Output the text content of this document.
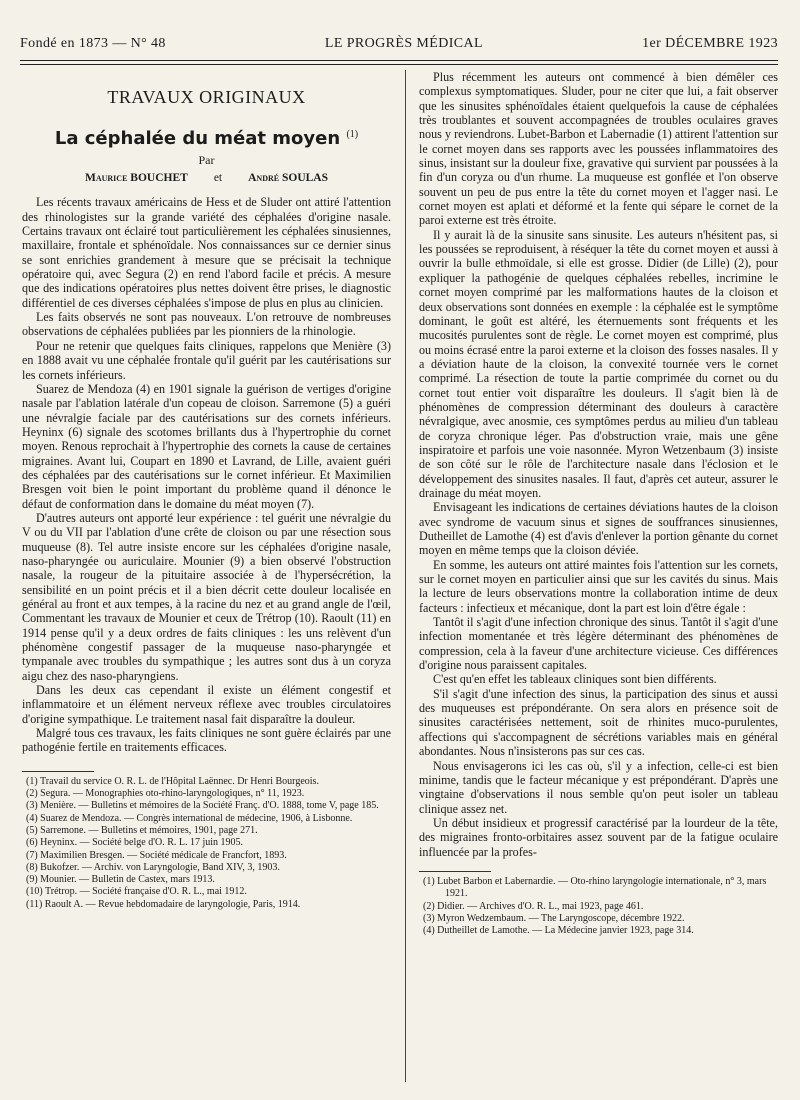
Fondé en 1873 — N° 48	LE PROGRÈS MÉDICAL	1er DÉCEMBRE 1923
TRAVAUX ORIGINAUX
La céphalée du méat moyen $^{(1)}$
Par
Maurice BOUCHET et André SOULAS

Les récents travaux américains de Hess et de Sluder ont attiré l'attention des rhinologistes sur la grande variété des céphalées d'origine nasale. Certains travaux ont éclairé tout particulièrement les céphalées sinusiennes, maxillaire, frontale et sphénoïdale. Nos connaissances sur ce dernier sinus se sont enrichies grandement à mesure que se précisait la technique opératoire qui, avec Segura (2) en rend l'abord facile et précis. A mesure que des indications opératoires plus nettes doivent être prises, le diagnostic différentiel de ces diverses céphalées s'impose de plus en plus au clinicien.

Les faits observés ne sont pas nouveaux. L'on retrouve de nombreuses observations de céphalées publiées par les pionniers de la rhinologie.

Pour ne retenir que quelques faits cliniques, rappelons que Menière (3) en 1888 avait vu une céphalée frontale qu'il guérit par les cautérisations sur les cornets inférieurs.

Suarez de Mendoza (4) en 1901 signale la guérison de vertiges d'origine nasale par l'ablation latérale d'un copeau de cloison. Sarremone (5) a guéri une névralgie faciale par des cautérisations sur des cornets inférieurs. Heyninx (6) signale des scotomes brillants dus à l'hypertrophie du cornet moyen. Renous reprochait à l'hypertrophie des cornets la cause de certaines migraines. Avant lui, Coupart en 1890 et Lavrand, de Lille, avaient guéri des céphalées par des cautérisations sur le cornet inférieur. Et Maximilien Bresgen voit bien le point important du problème quand il dénonce le défaut de conformation dans le domaine du méat moyen (7).

D'autres auteurs ont apporté leur expérience : tel guérit une névralgie du V ou du VII par l'ablation d'une crête de cloison ou par une résection sous muqueuse (8). Tel autre insiste encore sur les céphalées d'origine nasale, naso-pharyngée ou auriculaire. Mounier (9) a bien observé l'obstruction nasale, la rougeur de la pituitaire associée à de l'hypersécrétion, la sensibilité en un point précis et il a bien décrit cette douleur localisée en général au front et aux tempes, à la racine du nez et au grand angle de l'œil, Commentant les travaux de Mounier et ceux de Trétrop (10). Raoult (11) en 1914 pense qu'il y a deux ordres de faits cliniques : les uns relèvent d'un phénomène congestif passager de la muqueuse naso-pharyngée et tympanale avec troubles du sympathique ; les autres sont dus à un coryza aigu chez des naso-pharyngiens.

Dans les deux cas cependant il existe un élément congestif et inflammatoire et un élément nerveux réflexe avec troubles circulatoires d'origine sympathique. Le traitement nasal fait disparaître la douleur.

Malgré tous ces travaux, les faits cliniques ne sont guère éclairés par une pathogénie fertile en traitements efficaces.

(1) Travail du service O. R. L. de l'Hôpital Laënnec. Dr Henri Bourgeois.

(2) Segura. — Monographies oto-rhino-laryngologiques, n° 11, 1923.

(3) Menière. — Bulletins et mémoires de la Société Franç. d'O. 1888, tome V, page 185.

(4) Suarez de Mendoza. — Congrès international de médecine, 1906, à Lisbonne.

(5) Sarremone. — Bulletins et mémoires, 1901, page 271.

(6) Heyninx. — Société belge d'O. R. L. 17 juin 1905.

(7) Maximilien Bresgen. — Société médicale de Francfort, 1893.

(8) Bukofzer. — Archiv. von Laryngologie, Band XIV, 3, 1903.

(9) Mounier. — Bulletin de Castex, mars 1913.

(10) Trétrop. — Société française d'O. R. L., mai 1912.

(11) Raoult A. — Revue hebdomadaire de laryngologie, Paris, 1914.

Plus récemment les auteurs ont commencé à bien démêler ces complexus symptomatiques. Sluder, pour ne citer que lui, a fait observer que les sinusites sphénoïdales étaient quelquefois la cause de céphalées très troublantes et souvent accompagnées de troubles oculaires graves nous y reviendrons. Lubet-Barbon et Labernadie (1) attirent l'attention sur le cornet moyen dans ses rapports avec les poussées inflammatoires des sinus, insistant sur la douleur fixe, gravative qui survient par poussées à la fin d'un coryza ou d'un rhume. La muqueuse est gonflée et l'on observe souvent un peu de pus entre la tête du cornet moyen et l'agger nasi. Le cornet moyen est aplati et déformé et la fente qui sépare le cornet de la paroi externe est très étroite.

Il y aurait là de la sinusite sans sinusite. Les auteurs n'hésitent pas, si les poussées se reproduisent, à réséquer la tête du cornet moyen et aussi à ouvrir la bulle ethmoïdale, si elle est grosse. Didier (de Lille) (2), pour expliquer la pathogénie de quelques céphalées rebelles, incrimine le cornet moyen comprimé par les malformations hautes de la cloison et deux observations sont données en exemple : la céphalée est le symptôme dominant, le goût est altéré, les éternuements sont fréquents et les mucosités purulentes sont de règle. Le cornet moyen est comprimé, plus ou moins écrasé entre la paroi externe et la cloison des fosses nasales. Il y a déviation haute de la cloison, la convexité tournée vers le cornet comprimé. La résection de toute la partie comprimée du cornet ou du cornet tout entier voit disparaître les douleurs. Il s'agit bien là de phénomènes de compression déterminant des douleurs à caractère névralgique, avec anosmie, ces symptômes perdus au milieu d'un tableau de coryza chronique léger. Pas d'obstruction vraie, mais une gêne inspiratoire et parfois une voie nasonnée. Myron Wetzenbaum (3) insiste de son côté sur le rôle de l'architecture nasale dans l'éclosion et le développement des sinusites nasales. Il faut, d'après cet auteur, assurer le drainage du méat moyen.

Envisageant les indications de certaines déviations hautes de la cloison avec syndrome de vacuum sinus et signes de souffrances sinusiennes, Dutheillet de Lamothe (4) est d'avis d'enlever la portion gênante du cornet moyen en même temps que la cloison déviée.

En somme, les auteurs ont attiré maintes fois l'attention sur les cornets, sur le cornet moyen en particulier ainsi que sur les cavités du sinus. Mais la lecture de leurs observations montre la collaboration intime de deux facteurs : infectieux et mécanique, dont la part est loin d'être égale :

Tantôt il s'agit d'une infection chronique des sinus. Tantôt il s'agit d'une infection momentanée et très légère déterminant des phénomènes de compression, cela à la faveur d'une architecture vicieuse. Ces différences d'origine nous paraissent capitales.

C'est qu'en effet les tableaux cliniques sont bien différents.

S'il s'agit d'une infection des sinus, la participation des sinus et aussi des muqueuses est prépondérante. On sera alors en présence soit de sinusites caractérisées nettement, soit de rhinites muco-purulentes, affections qui s'accompagnent de sécrétions variables mais en général abondantes. Nous n'insisterons pas sur ces cas.

Nous envisagerons ici les cas où, s'il y a infection, celle-ci est bien minime, tandis que le facteur mécanique y est prépondérant. D'après une vingtaine d'observations il nous semble qu'on peut isoler un tableau clinique assez net.

Un début insidieux et progressif caractérisé par la lourdeur de la tête, des migraines fronto-orbitaires assez souvent par de la fatigue oculaire influencée par la profes-

(1) Lubet Barbon et Labernardie. — Oto-rhino laryngologie internationale, n° 3, mars 1921.

(2) Didier. — Archives d'O. R. L., mai 1923, page 461.

(3) Myron Wedzembaum. — The Laryngoscope, décembre 1922.

(4) Dutheillet de Lamothe. — La Médecine janvier 1923, page 314.
